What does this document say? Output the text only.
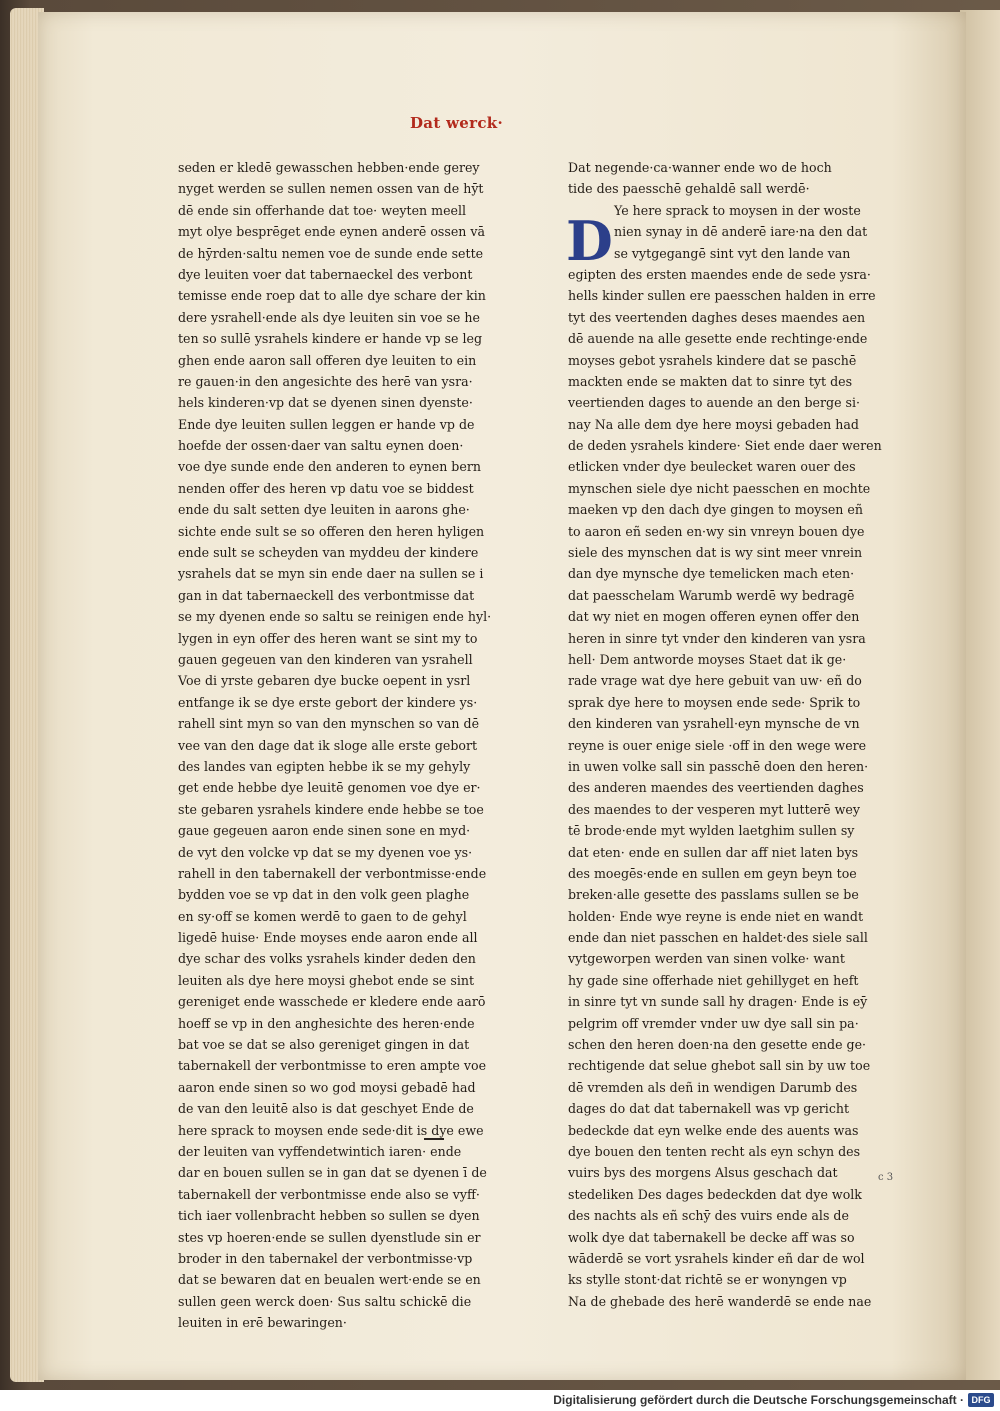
Dat werck·
seden er kledē gewasschen hebben·ende gerey
nyget werden se sullen nemen ossen van de hȳt
dē ende sin offerhande dat toe· weyten meell
myt olye besprēget ende eynen anderē ossen vā
de hȳrden·saltu nemen voe de sunde ende sette
dye leuiten voer dat tabernaeckel des verbont
temisse ende roep dat to alle dye schare der kin
dere ysrahell·ende als dye leuiten sin voe se he
ten so sullē ysrahels kindere er hande vp se leg
ghen ende aaron sall offeren dye leuiten to ein
re gauen·in den angesichte des herē van ysra·
hels kinderen·vp dat se dyenen sinen dyenste·
Ende dye leuiten sullen leggen er hande vp de
hoefde der ossen·daer van saltu eynen doen·
voe dye sunde ende den anderen to eynen bern
nenden offer des heren vp datu voe se biddest
ende du salt setten dye leuiten in aarons ghe·
sichte ende sult se so offeren den heren hyligen
ende sult se scheyden van myddeu der kindere
ysrahels dat se myn sin ende daer na sullen se i
gan in dat tabernaeckell des verbontmisse dat
se my dyenen ende so saltu se reinigen ende hyl·
lygen in eyn offer des heren want se sint my to
gauen gegeuen van den kinderen van ysrahell
Voe di yrste gebaren dye bucke oepent in ysrl
entfange ik se dye erste gebort der kindere ys·
rahell sint myn so van den mynschen so van dē
vee van den dage dat ik sloge alle erste gebort
des landes van egipten hebbe ik se my gehyly
get ende hebbe dye leuitē genomen voe dye er·
ste gebaren ysrahels kindere ende hebbe se toe
gaue gegeuen aaron ende sinen sone en myd·
de vyt den volcke vp dat se my dyenen voe ys·
rahell in den tabernakell der verbontmisse·ende
bydden voe se vp dat in den volk geen plaghe
en sy·off se komen werdē to gaen to de gehyl
ligedē huise· Ende moyses ende aaron ende all
dye schar des volks ysrahels kinder deden den
leuiten als dye here moysi ghebot ende se sint
gereniget ende wasschede er kledere ende aarō
hoeff se vp in den anghesichte des heren·ende
bat voe se dat se also gereniget gingen in dat
tabernakell der verbontmisse to eren ampte voe
aaron ende sinen so wo god moysi gebadē had
de van den leuitē also is dat geschyet Ende de
here sprack to moysen ende sede·dit is dye ewe
der leuiten van vyffendetwintich iaren· ende
dar en bouen sullen se in gan dat se dyenen ī de
tabernakell der verbontmisse ende also se vyff·
tich iaer vollenbracht hebben so sullen se dyen
stes vp hoeren·ende se sullen dyenstlude sin er
broder in den tabernakel der verbontmisse·vp
dat se bewaren dat en beualen wert·ende se en
sullen geen werck doen· Sus saltu schickē die
leuiten in erē bewaringen·
Dat negende·ca·wanner ende wo de hoch
tide des paesschē gehaldē sall werdē·
Ye here sprack to moysen in der woste
nien synay in dē anderē iare·na den dat
se vytgegangē sint vyt den lande van
egipten des ersten maendes ende de sede ysra·
hells kinder sullen ere paesschen halden in erre
tyt des veertenden daghes deses maendes aen
dē auende na alle gesette ende rechtinge·ende
moyses gebot ysrahels kindere dat se paschē
mackten ende se makten dat to sinre tyt des
veertienden dages to auende an den berge si·
nay Na alle dem dye here moysi gebaden had
de deden ysrahels kindere· Siet ende daer weren
etlicken vnder dye beulecket waren ouer des
mynschen siele dye nicht paesschen en mochte
maeken vp den dach dye gingen to moysen eñ
to aaron eñ seden en·wy sin vnreyn bouen dye
siele des mynschen dat is wy sint meer vnrein
dan dye mynsche dye temelicken mach eten·
dat paesschelam Warumb werdē wy bedragē
dat wy niet en mogen offeren eynen offer den
heren in sinre tyt vnder den kinderen van ysra
hell· Dem antworde moyses Staet dat ik ge·
rade vrage wat dye here gebuit van uw· eñ do
sprak dye here to moysen ende sede· Sprik to
den kinderen van ysrahell·eyn mynsche de vn
reyne is ouer enige siele ·off in den wege were
in uwen volke sall sin passchē doen den heren·
des anderen maendes des veertienden daghes
des maendes to der vesperen myt lutterē wey
tē brode·ende myt wylden laetghim sullen sy
dat eten· ende en sullen dar aff niet laten bys
des moegēs·ende en sullen em geyn beyn toe
breken·alle gesette des passlams sullen se be
holden· Ende wye reyne is ende niet en wandt
ende dan niet passchen en haldet·des siele sall
vytgeworpen werden van sinen volke· want
hy gade sine offerhade niet gehillyget en heft
in sinre tyt vn sunde sall hy dragen· Ende is eȳ
pelgrim off vremder vnder uw dye sall sin pa·
schen den heren doen·na den gesette ende ge·
rechtigende dat selue ghebot sall sin by uw toe
dē vremden als deñ in wendigen Darumb des
dages do dat dat tabernakell was vp gericht
bedeckde dat eyn welke ende des auents was
dye bouen den tenten recht als eyn schyn des
vuirs bys des morgens Alsus geschach dat
stedeliken Des dages bedeckden dat dye wolk
des nachts als eñ schȳ des vuirs ende als de
wolk dye dat tabernakell be decke aff was so
wāderdē se vort ysrahels kinder eñ dar de wol
ks stylle stont·dat richtē se er wonyngen vp
Na de ghebade des herē wanderdē se ende nae
D
c 3
Digitalisierung gefördert durch die Deutsche Forschungsgemeinschaft · DFG
